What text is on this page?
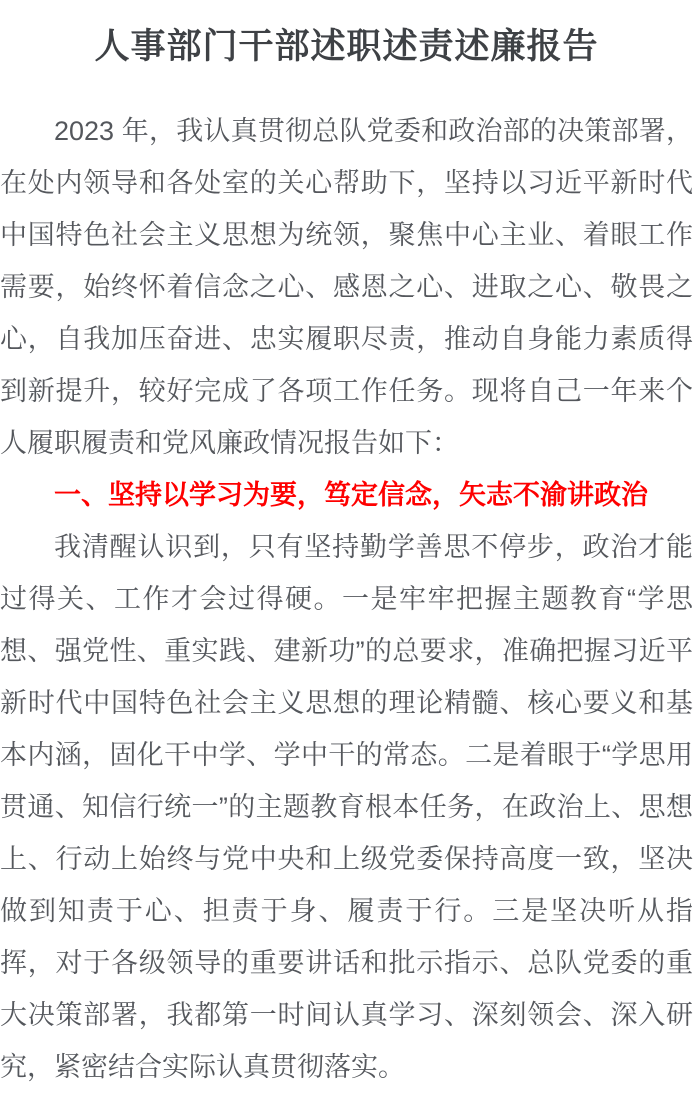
人事部门干部述职述责述廉报告

2023 年，我认真贯彻总队党委和政治部的决策部署，在处内领导和各处室的关心帮助下，坚持以习近平新时代中国特色社会主义思想为统领，聚焦中心主业、着眼工作需要，始终怀着信念之心、感恩之心、进取之心、敬畏之心，自我加压奋进、忠实履职尽责，推动自身能力素质得到新提升，较好完成了各项工作任务。现将自己一年来个人履职履责和党风廉政情况报告如下：

一、坚持以学习为要，笃定信念，矢志不渝讲政治

我清醒认识到，只有坚持勤学善思不停步，政治才能过得关、工作才会过得硬。一是牢牢把握主题教育“学思想、强党性、重实践、建新功”的总要求，准确把握习近平新时代中国特色社会主义思想的理论精髓、核心要义和基本内涵，固化干中学、学中干的常态。二是着眼于“学思用贯通、知信行统一”的主题教育根本任务，在政治上、思想上、行动上始终与党中央和上级党委保持高度一致，坚决做到知责于心、担责于身、履责于行。三是坚决听从指挥，对于各级领导的重要讲话和批示指示、总队党委的重大决策部署，我都第一时间认真学习、深刻领会、深入研究，紧密结合实际认真贯彻落实。
